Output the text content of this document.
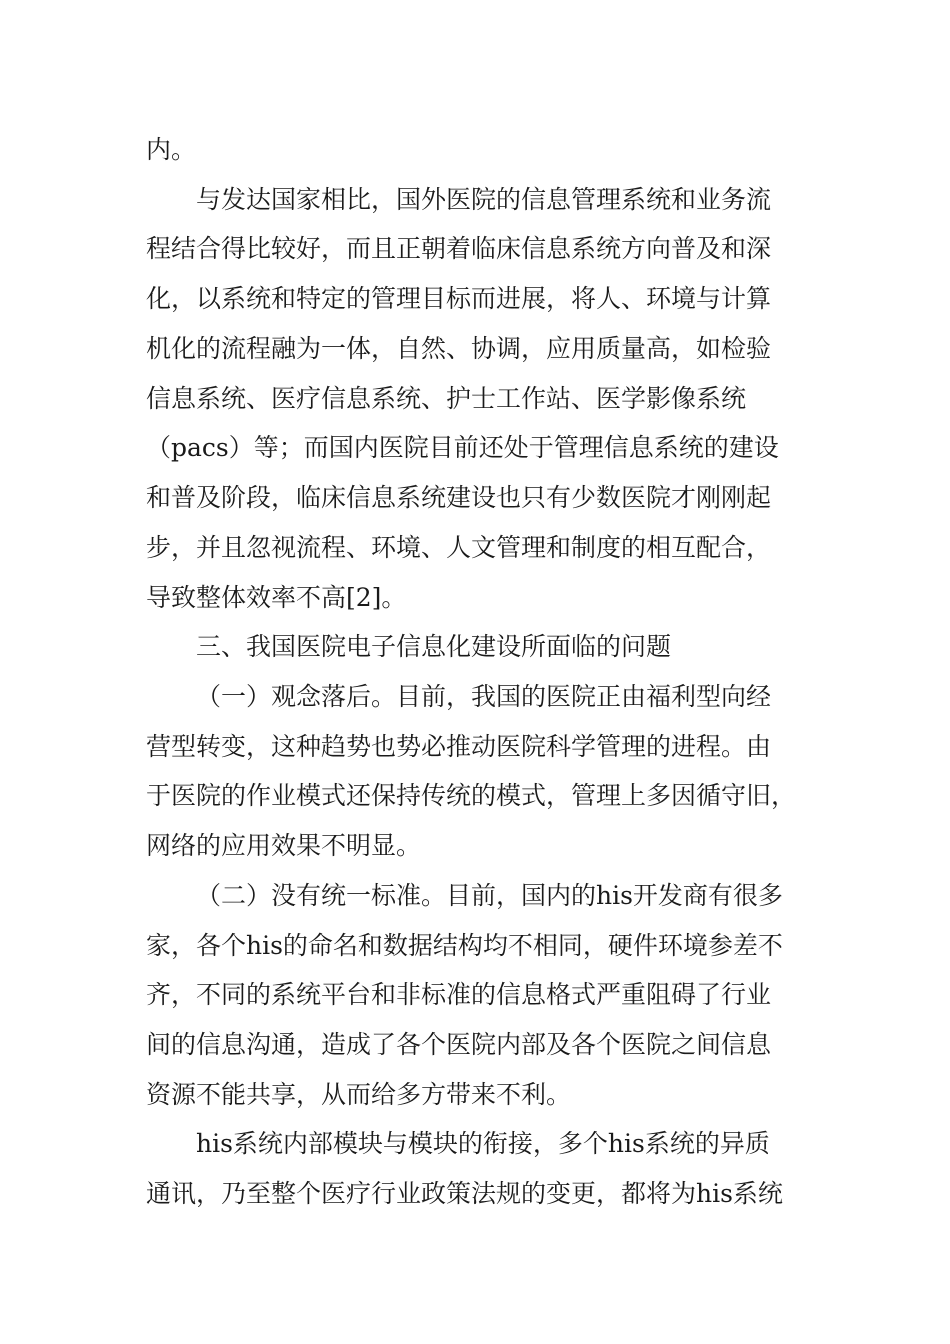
内。
与发达国家相比，国外医院的信息管理系统和业务流
程结合得比较好，而且正朝着临床信息系统方向普及和深
化，以系统和特定的管理目标而进展，将人、环境与计算
机化的流程融为一体，自然、协调，应用质量高，如检验
信息系统、医疗信息系统、护士工作站、医学影像系统
（pacs）等；而国内医院目前还处于管理信息系统的建设
和普及阶段，临床信息系统建设也只有少数医院才刚刚起
步，并且忽视流程、环境、人文管理和制度的相互配合，
导致整体效率不高[2]。
三、我国医院电子信息化建设所面临的问题
（一）观念落后。目前，我国的医院正由福利型向经
营型转变，这种趋势也势必推动医院科学管理的进程。由
于医院的作业模式还保持传统的模式，管理上多因循守旧，
网络的应用效果不明显。
（二）没有统一标准。目前，国内的his开发商有很多
家，各个his的命名和数据结构均不相同，硬件环境参差不
齐，不同的系统平台和非标准的信息格式严重阻碍了行业
间的信息沟通，造成了各个医院内部及各个医院之间信息
资源不能共享，从而给多方带来不利。
his系统内部模块与模块的衔接，多个his系统的异质
通讯，乃至整个医疗行业政策法规的变更，都将为his系统
